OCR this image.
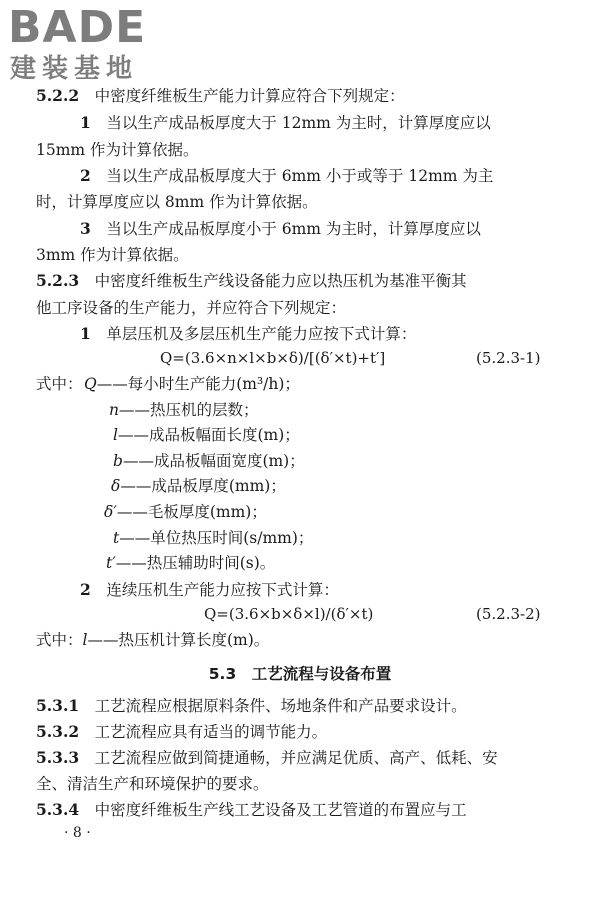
BADE
建装基地
5.2.2　 中密度纤维板生产能力计算应符合下列规定：
1　 当以生产成品板厚度大于 12mm 为主时，计算厚度应以
15mm 作为计算依据。
2　 当以生产成品板厚度大于 6mm 小于或等于 12mm 为主
时，计算厚度应以 8mm 作为计算依据。
3　 当以生产成品板厚度小于 6mm 为主时，计算厚度应以
3mm 作为计算依据。
5.2.3　 中密度纤维板生产线设备能力应以热压机为基准平衡其
他工序设备的生产能力，并应符合下列规定：
1　 单层压机及多层压机生产能力应按下式计算：
Q=(3.6×n×l×b×δ)/[(δ′×t)+t′]	(5.2.3-1)
式中： Q——每小时生产能力(m³/h)；
n——热压机的层数；
l——成品板幅面长度(m)；
b——成品板幅面宽度(m)；
δ——成品板厚度(mm)；
δ′——毛板厚度(mm)；
t——单位热压时间(s/mm)；
t′——热压辅助时间(s)。
2　 连续压机生产能力应按下式计算：
Q=(3.6×b×δ×l)/(δ′×t)	(5.2.3-2)
式中：l——热压机计算长度(m)。
5.3　工艺流程与设备布置
5.3.1　 工艺流程应根据原料条件、场地条件和产品要求设计。
5.3.2　 工艺流程应具有适当的调节能力。
5.3.3　 工艺流程应做到简捷通畅，并应满足优质、高产、低耗、安
全、清洁生产和环境保护的要求。
5.3.4　 中密度纤维板生产线工艺设备及工艺管道的布置应与工
· 8 ·
